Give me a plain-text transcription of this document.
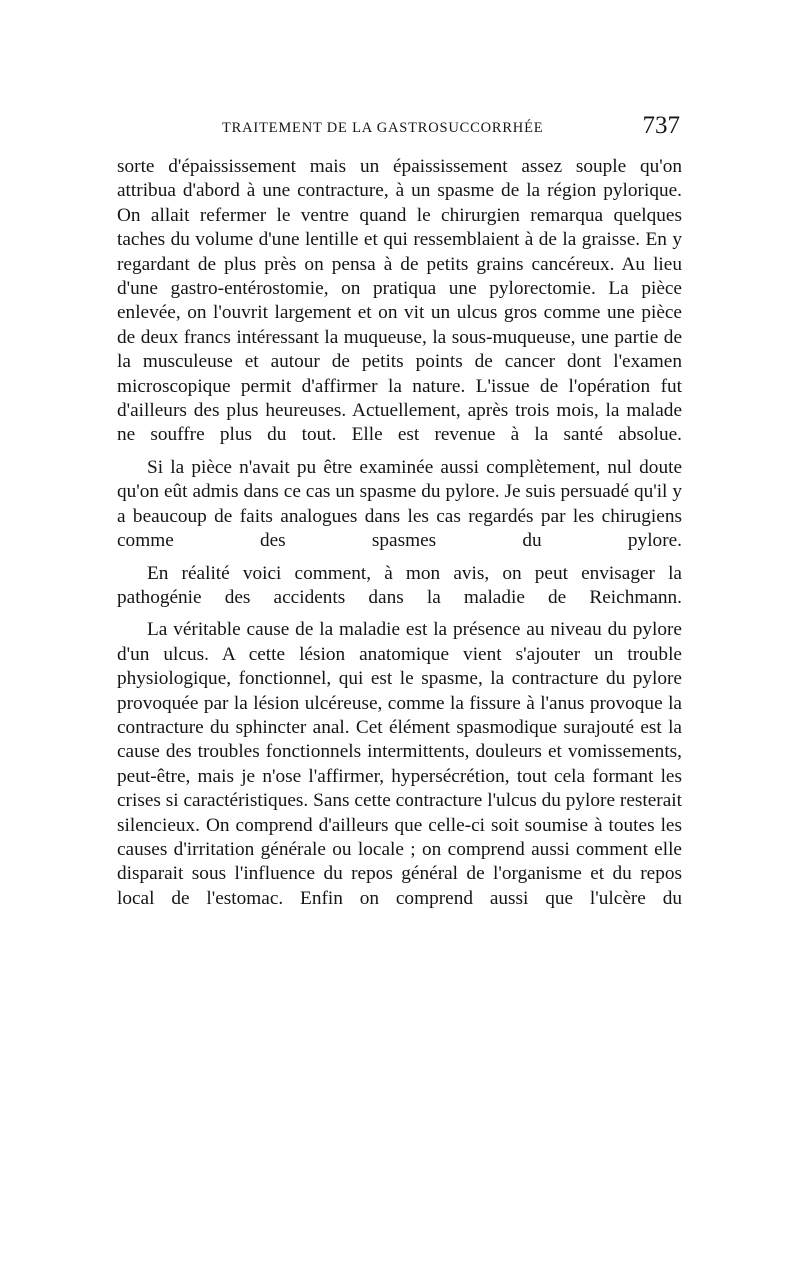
TRAITEMENT DE LA GASTROSUCCORRHÉE	737

sorte d'épaississement mais un épaississement assez souple qu'on attribua d'abord à une contracture, à un spasme de la région pylorique. On allait refermer le ventre quand le chirurgien remarqua quelques taches du volume d'une lentille et qui ressemblaient à de la graisse. En y regardant de plus près on pensa à de petits grains cancéreux. Au lieu d'une gastro-entérostomie, on pratiqua une pylorectomie. La pièce enlevée, on l'ouvrit largement et on vit un ulcus gros comme une pièce de deux francs intéressant la muqueuse, la sous-muqueuse, une partie de la musculeuse et autour de petits points de cancer dont l'examen microscopique permit d'affirmer la nature. L'issue de l'opération fut d'ailleurs des plus heureuses. Actuellement, après trois mois, la malade ne souffre plus du tout. Elle est revenue à la santé absolue.

Si la pièce n'avait pu être examinée aussi complètement, nul doute qu'on eût admis dans ce cas un spasme du pylore. Je suis persuadé qu'il y a beaucoup de faits analogues dans les cas regardés par les chirugiens comme des spasmes du pylore.

En réalité voici comment, à mon avis, on peut envisager la pathogénie des accidents dans la maladie de Reichmann.

La véritable cause de la maladie est la présence au niveau du pylore d'un ulcus. A cette lésion anatomique vient s'ajouter un trouble physiologique, fonctionnel, qui est le spasme, la contracture du pylore provoquée par la lésion ulcéreuse, comme la fissure à l'anus provoque la contracture du sphincter anal. Cet élément spasmodique surajouté est la cause des troubles fonctionnels intermittents, douleurs et vomissements, peut-être, mais je n'ose l'affirmer, hypersécrétion, tout cela formant les crises si caractéristiques. Sans cette contracture l'ulcus du pylore resterait silencieux. On comprend d'ailleurs que celle-ci soit soumise à toutes les causes d'irritation générale ou locale ; on comprend aussi comment elle disparait sous l'influence du repos général de l'organisme et du repos local de l'estomac. Enfin on comprend aussi que l'ulcère du
